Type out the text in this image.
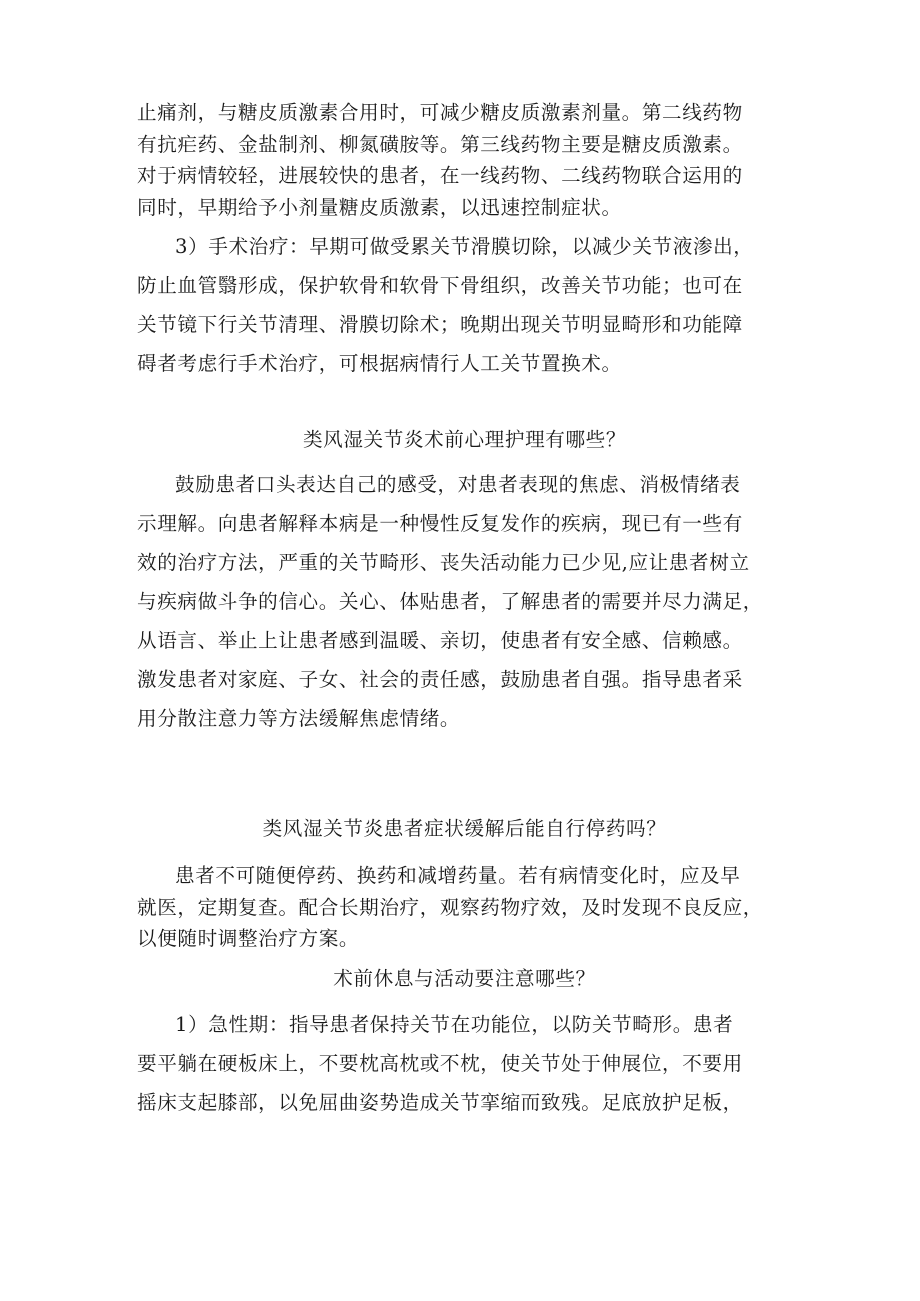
止痛剂，与糖皮质激素合用时，可减少糖皮质激素剂量。第二线药物
有抗疟药、金盐制剂、柳氮磺胺等。第三线药物主要是糖皮质激素。
对于病情较轻，进展较快的患者，在一线药物、二线药物联合运用的
同时，早期给予小剂量糖皮质激素，以迅速控制症状。
3）手术治疗：早期可做受累关节滑膜切除，以减少关节液渗出，
防止血管翳形成，保护软骨和软骨下骨组织，改善关节功能；也可在
关节镜下行关节清理、滑膜切除术；晚期出现关节明显畸形和功能障
碍者考虑行手术治疗，可根据病情行人工关节置换术。
类风湿关节炎术前心理护理有哪些？
鼓励患者口头表达自己的感受，对患者表现的焦虑、消极情绪表
示理解。向患者解释本病是一种慢性反复发作的疾病，现已有一些有
效的治疗方法，严重的关节畸形、丧失活动能力已少见,应让患者树立
与疾病做斗争的信心。关心、体贴患者，了解患者的需要并尽力满足，
从语言、举止上让患者感到温暖、亲切，使患者有安全感、信赖感。
激发患者对家庭、子女、社会的责任感，鼓励患者自强。指导患者采
用分散注意力等方法缓解焦虑情绪。
类风湿关节炎患者症状缓解后能自行停药吗？
患者不可随便停药、换药和减增药量。若有病情变化时，应及早
就医，定期复查。配合长期治疗，观察药物疗效，及时发现不良反应，
以便随时调整治疗方案。
术前休息与活动要注意哪些？
1）急性期：指导患者保持关节在功能位，以防关节畸形。患者
要平躺在硬板床上，不要枕高枕或不枕，使关节处于伸展位，不要用
摇床支起膝部，以免屈曲姿势造成关节挛缩而致残。足底放护足板，
